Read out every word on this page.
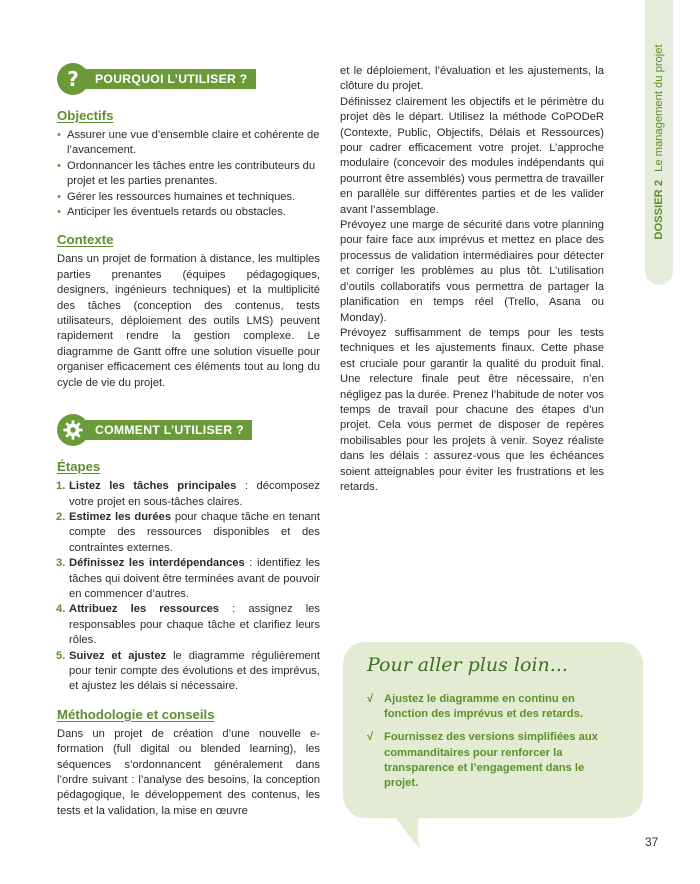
DOSSIER 2Le management du projet
?	POURQUOI L’UTILISER ?
Objectifs
• Assurer une vue d’ensemble claire et cohérente de l’avancement.
• Ordonnancer les tâches entre les contributeurs du projet et les parties prenantes.
• Gérer les ressources humaines et techniques.
• Anticiper les éventuels retards ou obstacles.
Contexte

Dans un projet de formation à distance, les multiples parties prenantes (équipes pédagogiques, designers, ingénieurs techniques) et la multiplicité des tâches (conception des contenus, tests utilisateurs, déploiement des outils LMS) peuvent rapidement rendre la gestion complexe. Le diagramme de Gantt offre une solution visuelle pour organiser efficacement ces éléments tout au long du cycle de vie du projet.

COMMENT L’UTILISER ?
Étapes
1. Listez les tâches principales : décomposez votre projet en sous-tâches claires.
2. Estimez les durées pour chaque tâche en tenant compte des ressources disponibles et des contraintes externes.
3. Définissez les interdépendances : identifiez les tâches qui doivent être terminées avant de pouvoir en commencer d’autres.
4. Attribuez les ressources : assignez les responsables pour chaque tâche et clarifiez leurs rôles.
5. Suivez et ajustez le diagramme régulièrement pour tenir compte des évolutions et des imprévus, et ajustez les délais si nécessaire.
Méthodologie et conseils

Dans un projet de création d’une nouvelle e-formation (full digital ou blended learning), les séquences s’ordonnancent généralement dans l’ordre suivant : l’analyse des besoins, la conception pédagogique, le développement des contenus, les tests et la validation, la mise en œuvre

et le déploiement, l’évaluation et les ajustements, la clôture du projet.

Définissez clairement les objectifs et le périmètre du projet dès le départ. Utilisez la méthode CoPODeR (Contexte, Public, Objectifs, Délais et Ressources) pour cadrer efficacement votre projet. L’approche modulaire (concevoir des modules indépendants qui pourront être assemblés) vous permettra de travailler en parallèle sur différentes parties et de les valider avant l’assemblage.

Prévoyez une marge de sécurité dans votre planning pour faire face aux imprévus et mettez en place des processus de validation intermédiaires pour détecter et corriger les problèmes au plus tôt. L’utilisation d’outils collaboratifs vous permettra de partager la planification en temps réel (Trello, Asana ou Monday).

Prévoyez suffisamment de temps pour les tests techniques et les ajustements finaux. Cette phase est cruciale pour garantir la qualité du produit final. Une relecture finale peut être nécessaire, n’en négligez pas la durée. Prenez l’habitude de noter vos temps de travail pour chacune des étapes d’un projet. Cela vous permet de disposer de repères mobilisables pour les projets à venir. Soyez réaliste dans les délais : assurez-vous que les échéances soient atteignables pour éviter les frustrations et les retards.

Pour aller plus loin...
√ Ajustez le diagramme en continu en fonction des imprévus et des retards.
√ Fournissez des versions simplifiées aux commanditaires pour renforcer la transparence et l’engagement dans le projet.
37
